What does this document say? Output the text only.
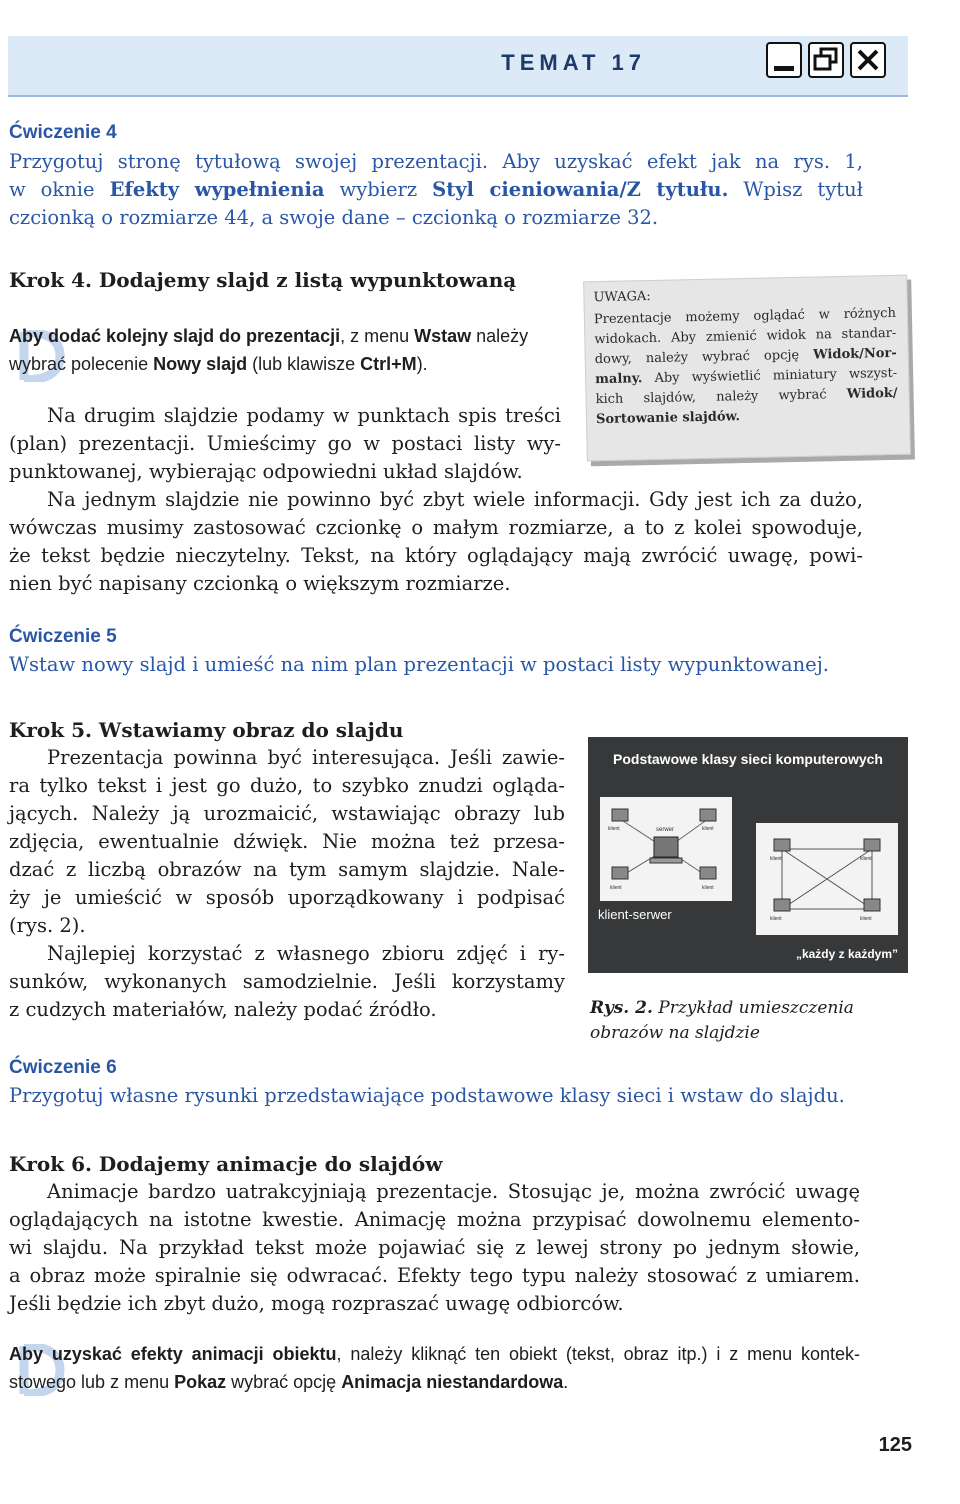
TEMAT 17
Ćwiczenie 4
Przygotuj stronę tytułową swojej prezentacji. Aby uzyskać efekt jak na rys. 1,
w oknie Efekty wypełnienia wybierz Styl cieniowania/Z tytułu. Wpisz tytuł
czcionką o rozmiarze 44, a swoje dane – czcionką o rozmiarze 32.
Krok 4. Dodajemy slajd z listą wypunktowaną
Aby dodać kolejny slajd do prezentacji, z menu Wstaw należy
wybrać polecenie Nowy slajd (lub klawisze Ctrl+M).
Na drugim slajdzie podamy w punktach spis treści
(plan) prezentacji. Umieścimy go w postaci listy wy-
punktowanej, wybierając odpowiedni układ slajdów.
Na jednym slajdzie nie powinno być zbyt wiele informacji. Gdy jest ich za dużo,
wówczas musimy zastosować czcionkę o małym rozmiarze, a to z kolei spowoduje,
że tekst będzie nieczytelny. Tekst, na który oglądający mają zwrócić uwagę, powi-
nien być napisany czcionką o większym rozmiarze.
UWAGA:
Prezentacje możemy oglądać w różnych
widokach. Aby zmienić widok na standar-
dowy, należy wybrać opcję Widok/Nor-
malny. Aby wyświetlić miniatury wszyst-
kich slajdów, należy wybrać Widok/
Sortowanie slajdów.
Ćwiczenie 5
Wstaw nowy slajd i umieść na nim plan prezentacji w postaci listy wypunktowanej.
Krok 5. Wstawiamy obraz do slajdu
Prezentacja powinna być interesująca. Jeśli zawie-
ra tylko tekst i jest go dużo, to szybko znudzi ogląda-
jących. Należy ją urozmaicić, wstawiając obrazy lub
zdjęcia, ewentualnie dźwięk. Nie można też przesa-
dzać z liczbą obrazów na tym samym slajdzie. Nale-
ży je umieścić w sposób uporządkowany i podpisać
(rys. 2).
Najlepiej korzystać z własnego zbioru zdjęć i ry-
sunków, wykonanych samodzielnie. Jeśli korzystamy
z cudzych materiałów, należy podać źródło.
Podstawowe klasy sieci komputerowych
serwer
klient	klient
klient	klient
klient	klient
klient	klient
klient-serwer
„każdy z każdym”
Rys. 2. Przykład umieszczenia
obrazów na slajdzie
Ćwiczenie 6
Przygotuj własne rysunki przedstawiające podstawowe klasy sieci i wstaw do slajdu.
Krok 6. Dodajemy animacje do slajdów
Animacje bardzo uatrakcyjniają prezentacje. Stosując je, można zwrócić uwagę
oglądających na istotne kwestie. Animację można przypisać dowolnemu elemento-
wi slajdu. Na przykład tekst może pojawiać się z lewej strony po jednym słowie,
a obraz może spiralnie się odwracać. Efekty tego typu należy stosować z umiarem.
Jeśli będzie ich zbyt dużo, mogą rozpraszać uwagę odbiorców.
Aby uzyskać efekty animacji obiektu, należy kliknąć ten obiekt (tekst, obraz itp.) i z menu kontek-
stowego lub z menu Pokaz wybrać opcję Animacja niestandardowa.
125
